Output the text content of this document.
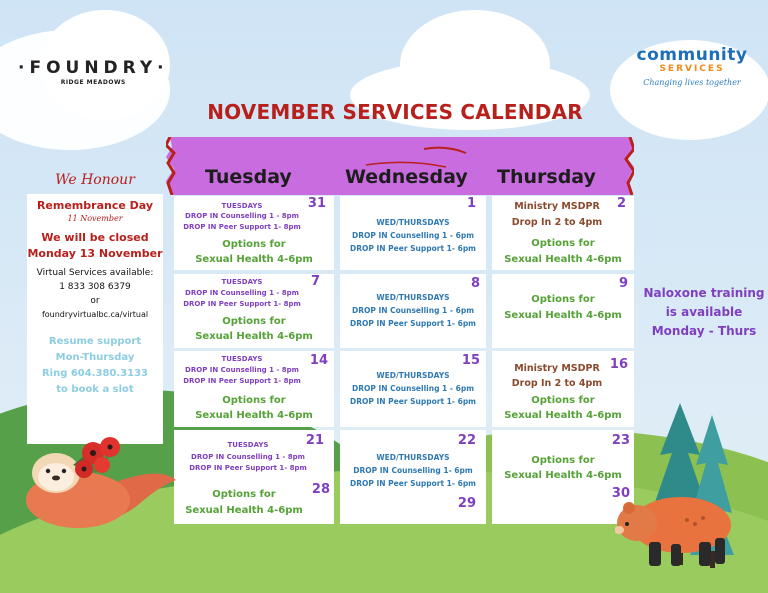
·FOUNDRY·
RIDGE MEADOWS
community
SERVICES
Changing lives together
NOVEMBER SERVICES CALENDAR
Tuesday	Wednesday Thursday
We Honour
Remembrance Day
11 November
We will be closed
Monday 13 November
Virtual Services available:
1 833 308 6379
or
foundryvirtualbc.ca/virtual
Resume support
Mon-Thursday
Ring 604.380.3133
to book a slot
Naloxone training
is available
Monday - Thurs
31
TUESDAYS
DROP IN Counselling 1 - 8pm
DROP IN Peer Support 1- 8pm
Options for
Sexual Health 4-6pm
7
TUESDAYS
DROP IN Counselling 1 - 8pm
DROP IN Peer Support 1- 8pm
Options for
Sexual Health 4-6pm
14
TUESDAYS
DROP IN Counselling 1 - 8pm
DROP IN Peer Support 1- 8pm
Options for
Sexual Health 4-6pm
21
TUESDAYS
DROP IN Counselling 1 - 8pm
DROP IN Peer Support 1- 8pm
28
Options for
Sexual Health 4-6pm
1
WED/THURSDAYS
DROP IN Counselling 1 - 6pm
DROP IN Peer Support 1- 6pm
8
WED/THURSDAYS
DROP IN Counselling 1 - 6pm
DROP IN Peer Support 1- 6pm
15
WED/THURSDAYS
DROP IN Counselling 1 - 6pm
DROP IN Peer Support 1- 6pm
22
WED/THURSDAYS
DROP IN Counselling 1- 6pm
DROP IN Peer Support 1- 6pm
29
2
Ministry MSDPR
Drop In 2 to 4pm
Options for
Sexual Health 4-6pm
9
Options for
Sexual Health 4-6pm
16
Ministry MSDPR
Drop In 2 to 4pm
Options for
Sexual Health 4-6pm
23
Options for
Sexual Health 4-6pm
30
